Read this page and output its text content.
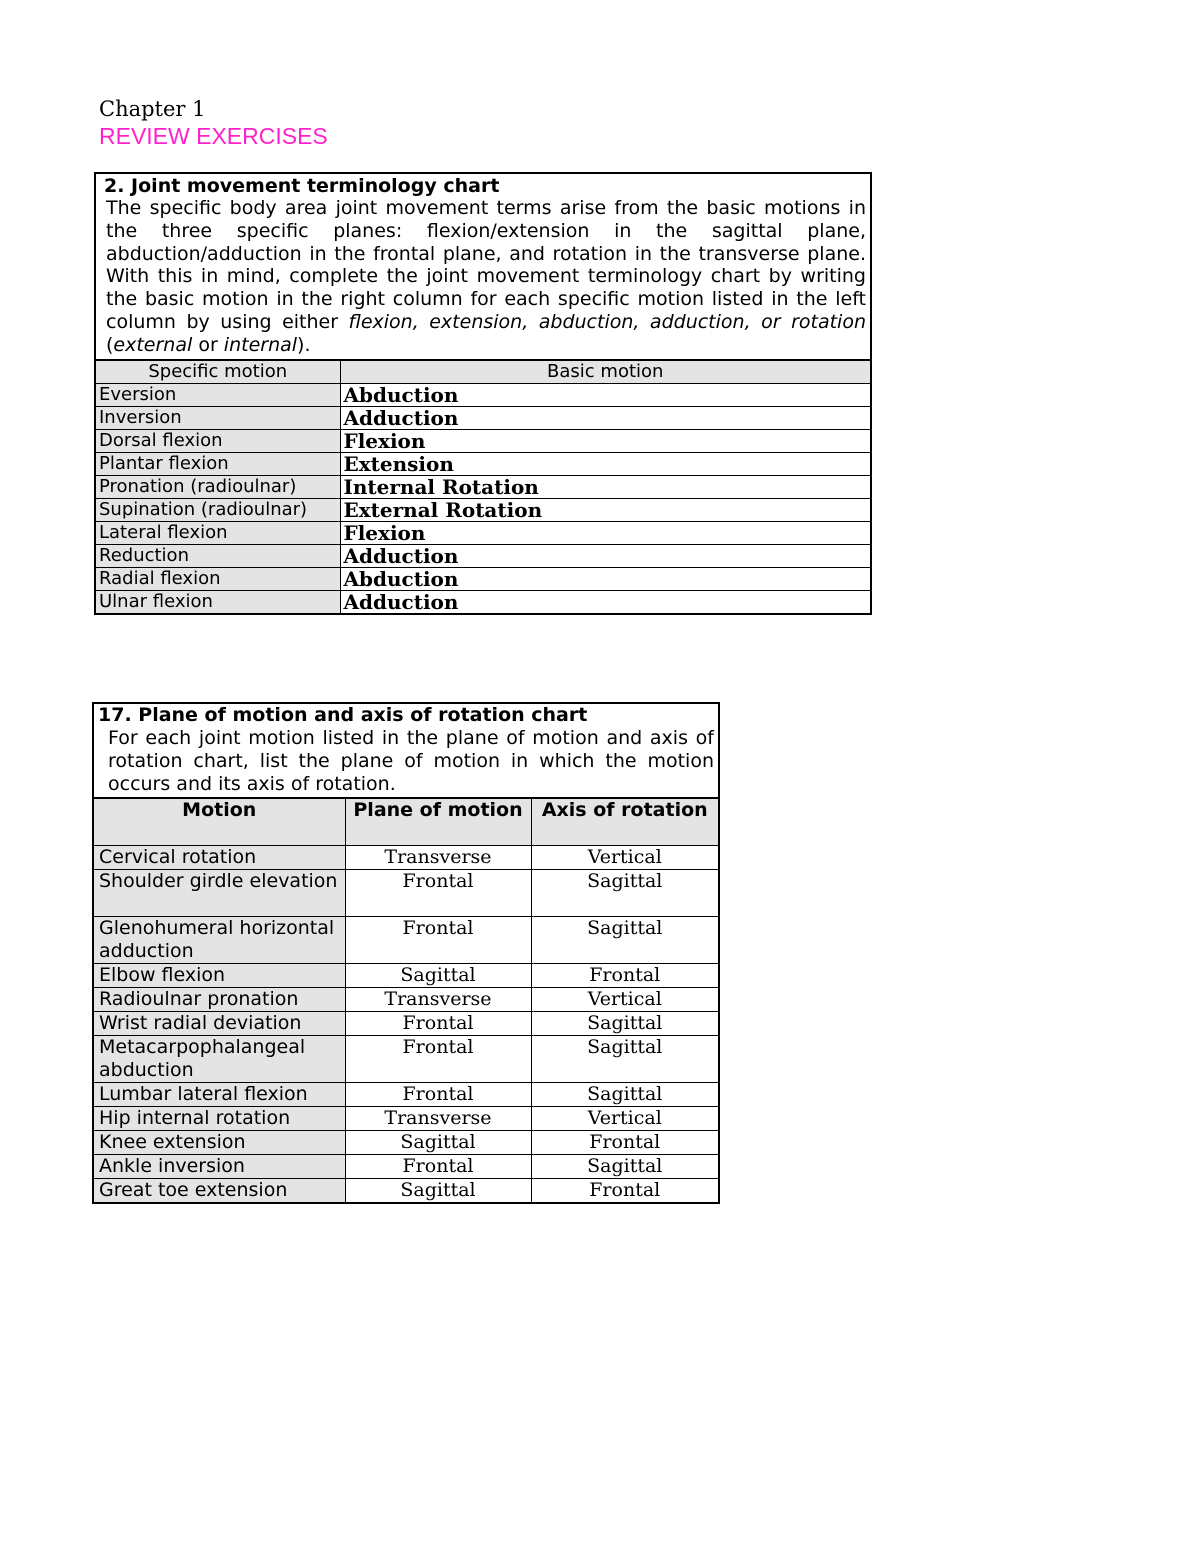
Chapter 1
REVIEW EXERCISES
2. Joint movement terminology chart
The specific body area joint movement terms arise from the basic motions in the three specific planes: flexion/extension in the sagittal plane, abduction/adduction in the frontal plane, and rotation in the transverse plane. With this in mind, complete the joint movement terminology chart by writing the basic motion in the right column for each specific motion listed in the left column by using either flexion, extension, abduction, adduction, or rotation (external or internal).
Specific motion	Basic motion
Eversion	Abduction
Inversion	Adduction
Dorsal flexion	Flexion
Plantar flexion	Extension
Pronation (radioulnar)	Internal Rotation
Supination (radioulnar)	External Rotation
Lateral flexion	Flexion
Reduction	Adduction
Radial flexion	Abduction
Ulnar flexion	Adduction
17. Plane of motion and axis of rotation chart
For each joint motion listed in the plane of motion and axis of rotation chart, list the plane of motion in which the motion occurs and its axis of rotation.
Motion	Plane of motion	Axis of rotation
Cervical rotation	Transverse	Vertical
Shoulder girdle elevation	Frontal	Sagittal
Glenohumeral horizontal adduction	Frontal	Sagittal
Elbow flexion	Sagittal	Frontal
Radioulnar pronation	Transverse	Vertical
Wrist radial deviation	Frontal	Sagittal
Metacarpophalangeal abduction	Frontal	Sagittal
Lumbar lateral flexion	Frontal	Sagittal
Hip internal rotation	Transverse	Vertical
Knee extension	Sagittal	Frontal
Ankle inversion	Frontal	Sagittal
Great toe extension	Sagittal	Frontal
